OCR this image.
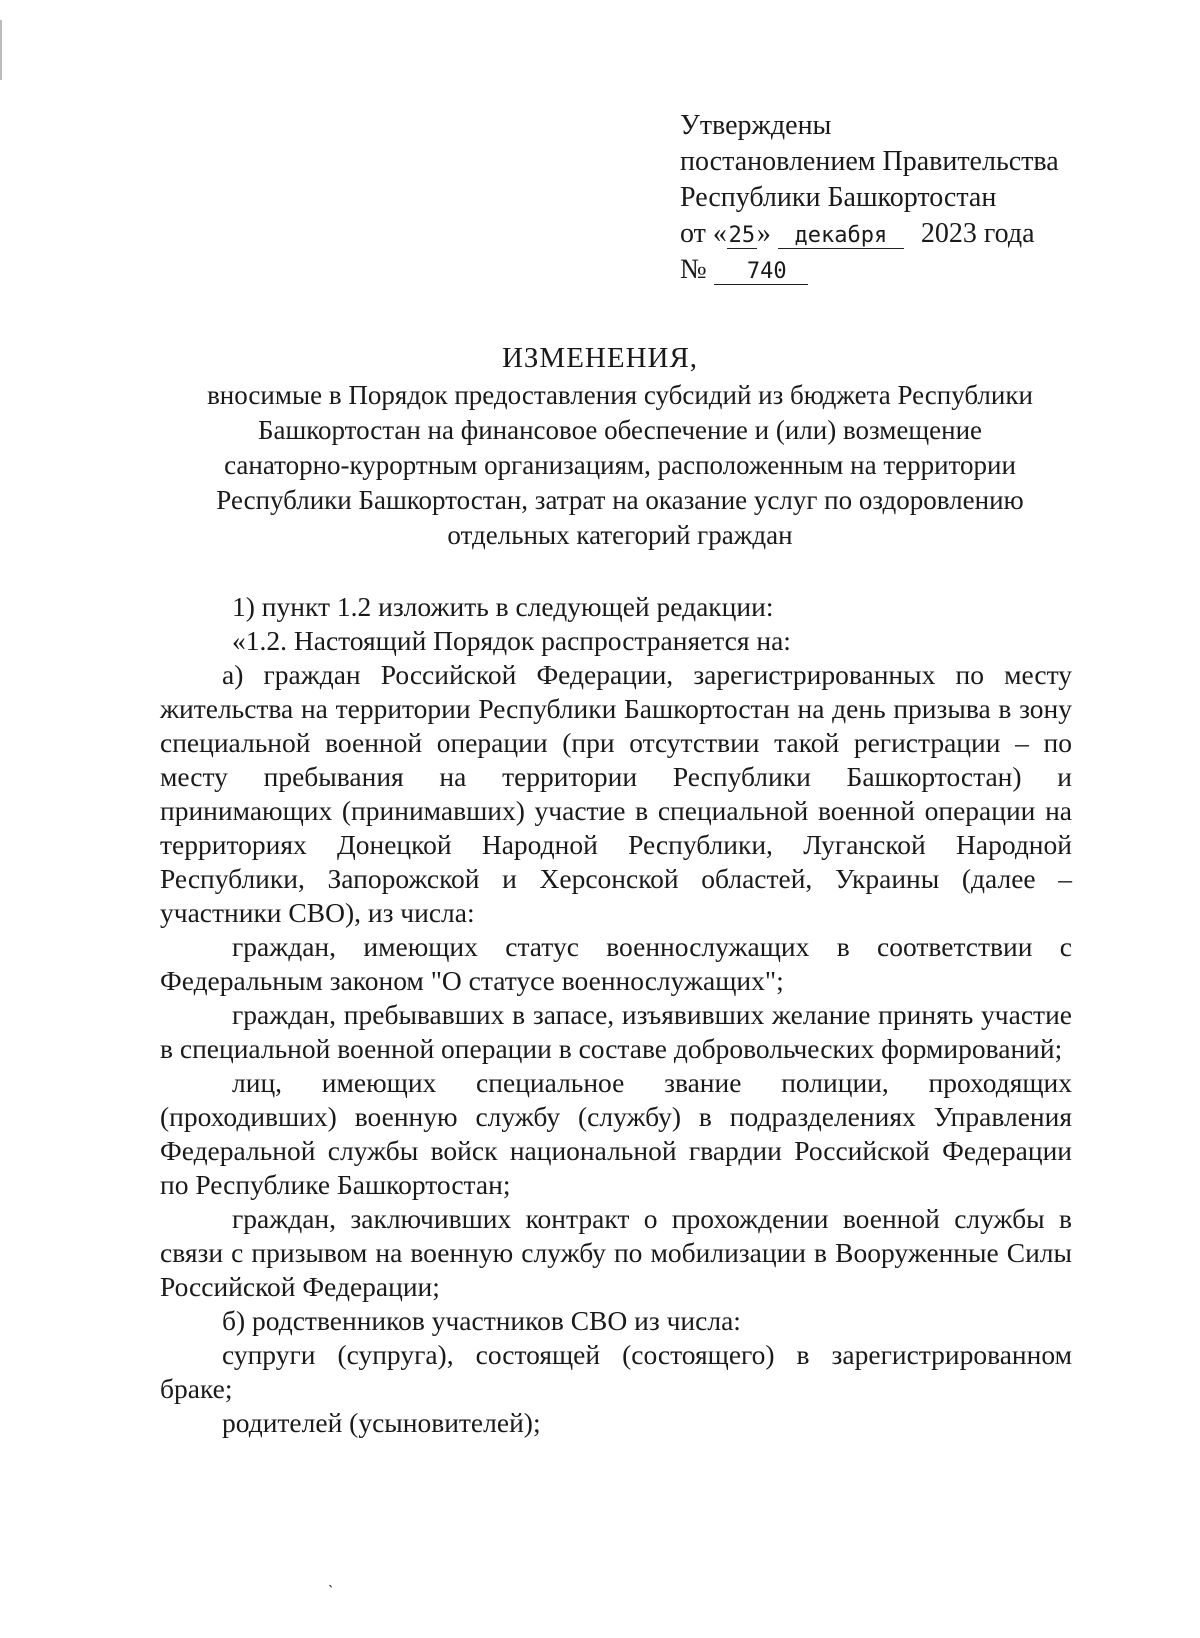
Утверждены
постановлением Правительства
Республики Башкортостан
от «25» декабря 2023 года
№ 740
ИЗМЕНЕНИЯ,
вносимые в Порядок предоставления субсидий из бюджета Республики
Башкортостан на финансовое обеспечение и (или) возмещение
санаторно-курортным организациям, расположенным на территории
Республики Башкортостан, затрат на оказание услуг по оздоровлению
отдельных категорий граждан

1) пункт 1.2 изложить в следующей редакции:

«1.2. Настоящий Порядок распространяется на:

а) граждан Российской Федерации, зарегистрированных по месту жительства на территории Республики Башкортостан на день призыва в зону специальной военной операции (при отсутствии такой регистрации – по месту пребывания на территории Республики Башкортостан) и принимающих (принимавших) участие в специальной военной операции на территориях Донецкой Народной Республики, Луганской Народной Республики, Запорожской и Херсонской областей, Украины (далее – участники СВО), из числа:

граждан, имеющих статус военнослужащих в соответствии с Федеральным законом "О статусе военнослужащих";

граждан, пребывавших в запасе, изъявивших желание принять участие в специальной военной операции в составе добровольческих формирований;

лиц, имеющих специальное звание полиции, проходящих (проходивших) военную службу (службу) в подразделениях Управления Федеральной службы войск национальной гвардии Российской Федерации по Республике Башкортостан;

граждан, заключивших контракт о прохождении военной службы в связи с призывом на военную службу по мобилизации в Вооруженные Силы Российской Федерации;

б) родственников участников СВО из числа:

супруги (супруга), состоящей (состоящего) в зарегистрированном браке;

родителей (усыновителей);

ˎ
